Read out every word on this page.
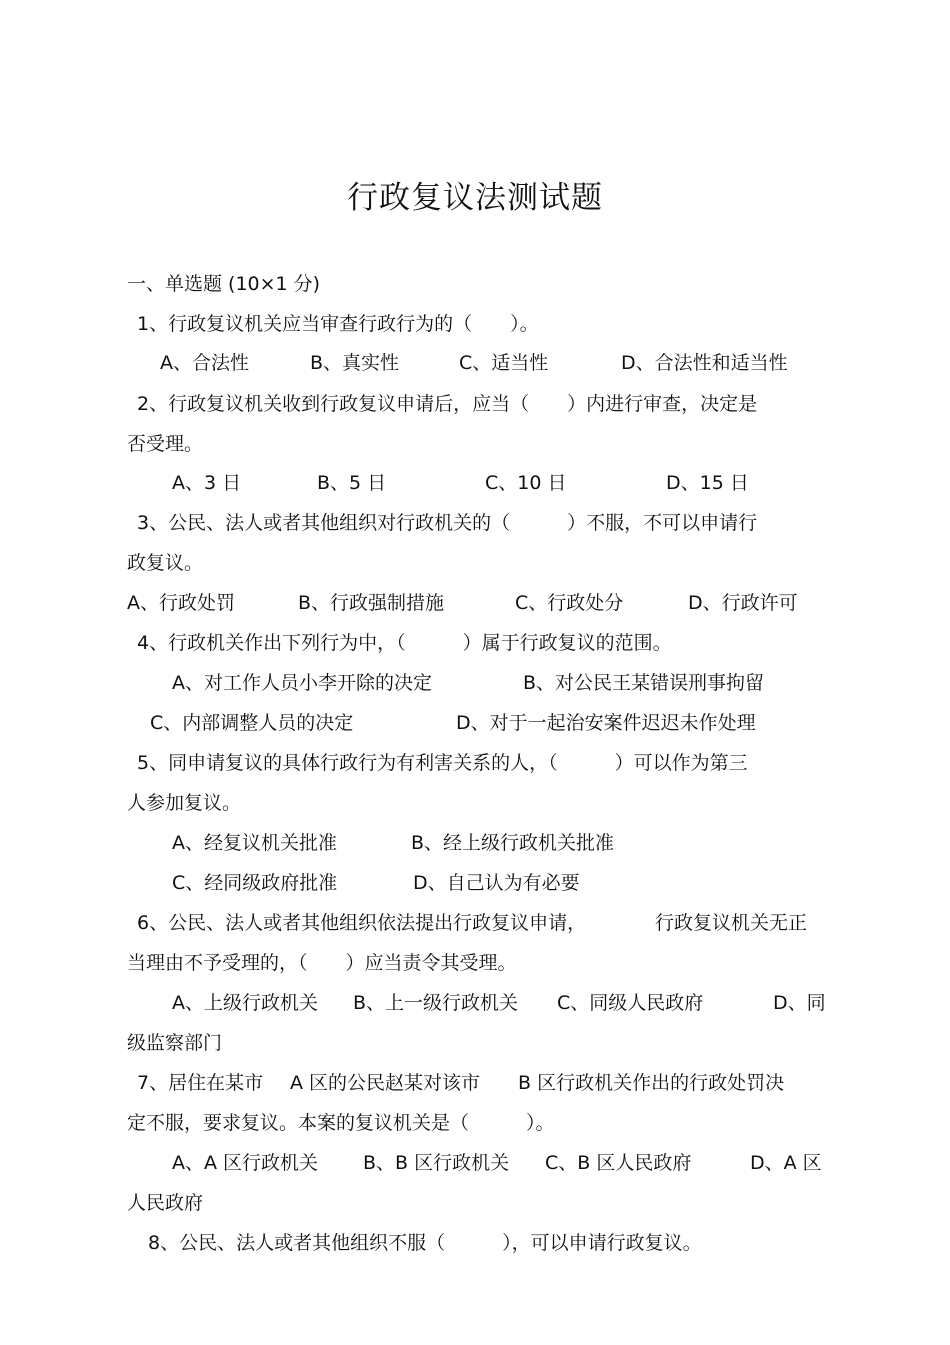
行政复议法测试题
一、单选题 (10×1 分)
1、行政复议机关应当审查行政行为的（　　）。
A、合法性	B、真实性	C、适当性	D、合法性和适当性
2、行政复议机关收到行政复议申请后，应当（　　）内进行审查，决定是
否受理。
A、3 日	B、5 日	C、10 日	D、15 日
3、公民、法人或者其他组织对行政机关的（　　　）不服，不可以申请行
政复议。
A、行政处罚	B、行政强制措施	C、行政处分	D、行政许可
4、行政机关作出下列行为中，（　　　）属于行政复议的范围。
A、对工作人员小李开除的决定	B、对公民王某错误刑事拘留
C、内部调整人员的决定	D、对于一起治安案件迟迟未作处理
5、同申请复议的具体行政行为有利害关系的人，（　　　）可以作为第三
人参加复议。
A、经复议机关批准	B、经上级行政机关批准
C、经同级政府批准	D、自己认为有必要
6、公民、法人或者其他组织依法提出行政复议申请，	行政复议机关无正
当理由不予受理的，（　　）应当责令其受理。
A、上级行政机关 B、上一级行政机关 C、同级人民政府	D、同
级监察部门
7、居住在某市 A 区的公民赵某对该市 B 区行政机关作出的行政处罚决
定不服，要求复议。本案的复议机关是（　　　）。
A、A 区行政机关 B、B 区行政机关 C、B 区人民政府	D、A 区
人民政府
8、公民、法人或者其他组织不服（　　　），可以申请行政复议。
